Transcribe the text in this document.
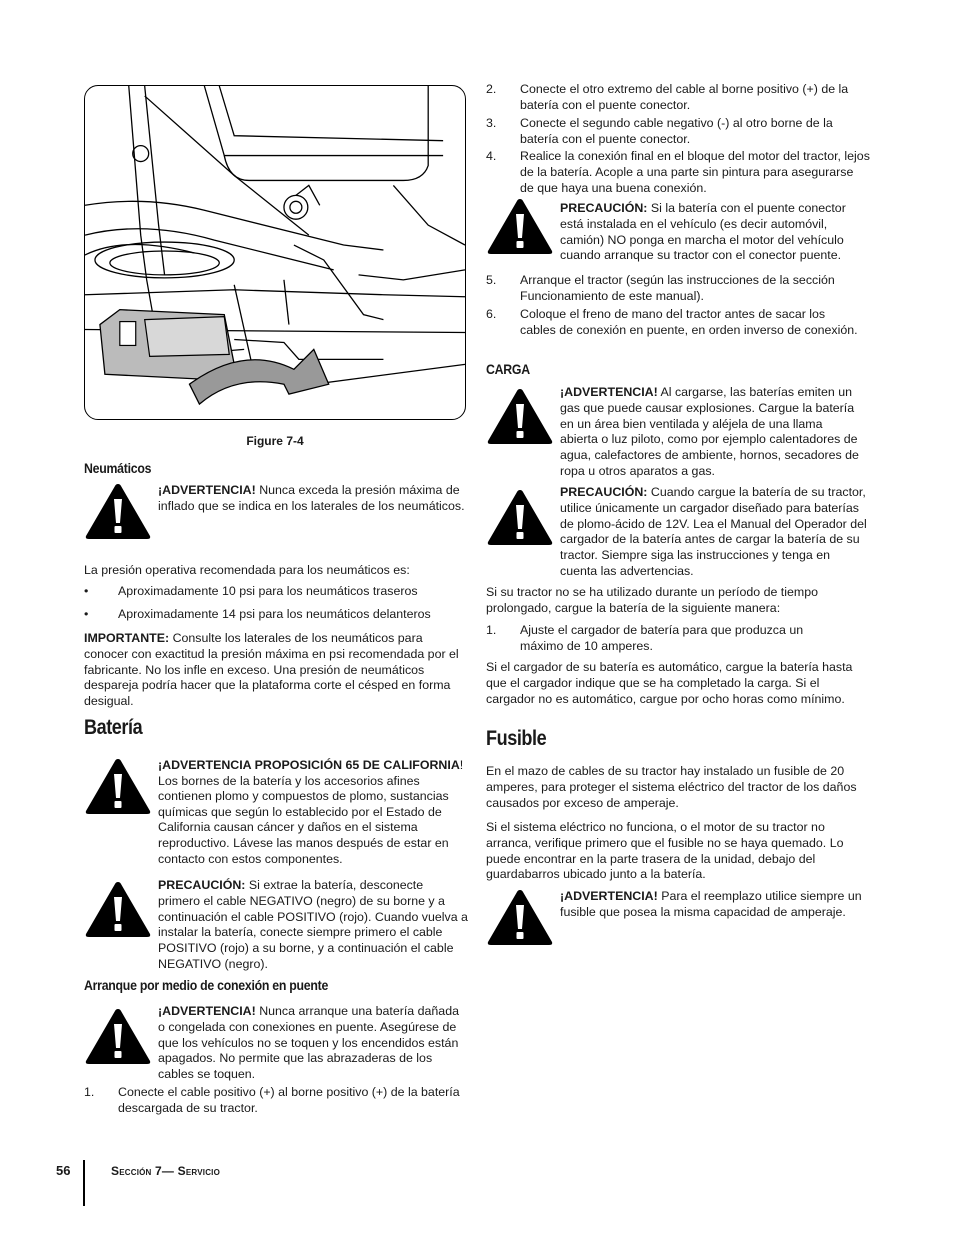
Figure 7-4
Neumáticos
¡ADVERTENCIA! Nunca exceda la presión máxima de inflado que se indica en los laterales de los neumáticos.
La presión operativa recomendada para los neumáticos es:
• Aproximadamente 10 psi para los neumáticos traseros
• Aproximadamente 14 psi para los neumáticos delanteros
IMPORTANTE: Consulte los laterales de los neumáticos para conocer con exactitud la presión máxima en psi recomendada por el fabricante. No los infle en exceso. Una presión de neumáticos despareja podría hacer que la plataforma corte el césped en forma desigual.
Batería
¡ADVERTENCIA PROPOSICIÓN 65 DE CALIFORNIA! Los bornes de la batería y los accesorios afines contienen plomo y compuestos de plomo, sustancias químicas que según lo establecido por el Estado de California causan cáncer y daños en el sistema reproductivo. Lávese las manos después de estar en contacto con estos componentes.
PRECAUCIÓN: Si extrae la batería, desconecte primero el cable NEGATIVO (negro) de su borne y a continuación el cable POSITIVO (rojo). Cuando vuelva a instalar la batería, conecte siempre primero el cable POSITIVO (rojo) a su borne, y a continuación el cable NEGATIVO (negro).
Arranque por medio de conexión en puente
¡ADVERTENCIA! Nunca arranque una batería dañada o congelada con conexiones en puente. Asegúrese de que los vehículos no se toquen y los encendidos están apagados. No permite que las abrazaderas de los cables se toquen.
1. Conecte el cable positivo (+) al borne positivo (+) de la batería descargada de su tractor.
2. Conecte el otro extremo del cable al borne positivo (+) de la batería con el puente conector.
3. Conecte el segundo cable negativo (-) al otro borne de la batería con el puente conector.
4. Realice la conexión final en el bloque del motor del tractor, lejos de la batería. Acople a una parte sin pintura para asegurarse de que haya una buena conexión.
PRECAUCIÓN: Si la batería con el puente conector está instalada en el vehículo (es decir automóvil, camión) NO ponga en marcha el motor del vehículo cuando arranque su tractor con el conector puente.
5. Arranque el tractor (según las instrucciones de la sección Funcionamiento de este manual).
6. Coloque el freno de mano del tractor antes de sacar los cables de conexión en puente, en orden inverso de conexión.
CARGA
¡ADVERTENCIA! Al cargarse, las baterías emiten un gas que puede causar explosiones. Cargue la batería en un área bien ventilada y aléjela de una llama abierta o luz piloto, como por ejemplo calentadores de agua, calefactores de ambiente, hornos, secadores de ropa u otros aparatos a gas.
PRECAUCIÓN: Cuando cargue la batería de su tractor, utilice únicamente un cargador diseñado para baterías de plomo-ácido de 12V. Lea el Manual del Operador del cargador de la batería antes de cargar la batería de su tractor. Siempre siga las instrucciones y tenga en cuenta las advertencias.
Si su tractor no se ha utilizado durante un período de tiempo prolongado, cargue la batería de la siguiente manera:
1. Ajuste el cargador de batería para que produzca un máximo de 10 amperes.
Si el cargador de su batería es automático, cargue la batería hasta que el cargador indique que se ha completado la carga. Si el cargador no es automático, cargue por ocho horas como mínimo.
Fusible
En el mazo de cables de su tractor hay instalado un fusible de 20 amperes, para proteger el sistema eléctrico del tractor de los daños causados por exceso de amperaje.
Si el sistema eléctrico no funciona, o el motor de su tractor no arranca, verifique primero que el fusible no se haya quemado. Lo puede encontrar en la parte trasera de la unidad, debajo del guardabarros ubicado junto a la batería.
¡ADVERTENCIA! Para el reemplazo utilice siempre un fusible que posea la misma capacidad de amperaje.
56	Sección 7— Servicio
